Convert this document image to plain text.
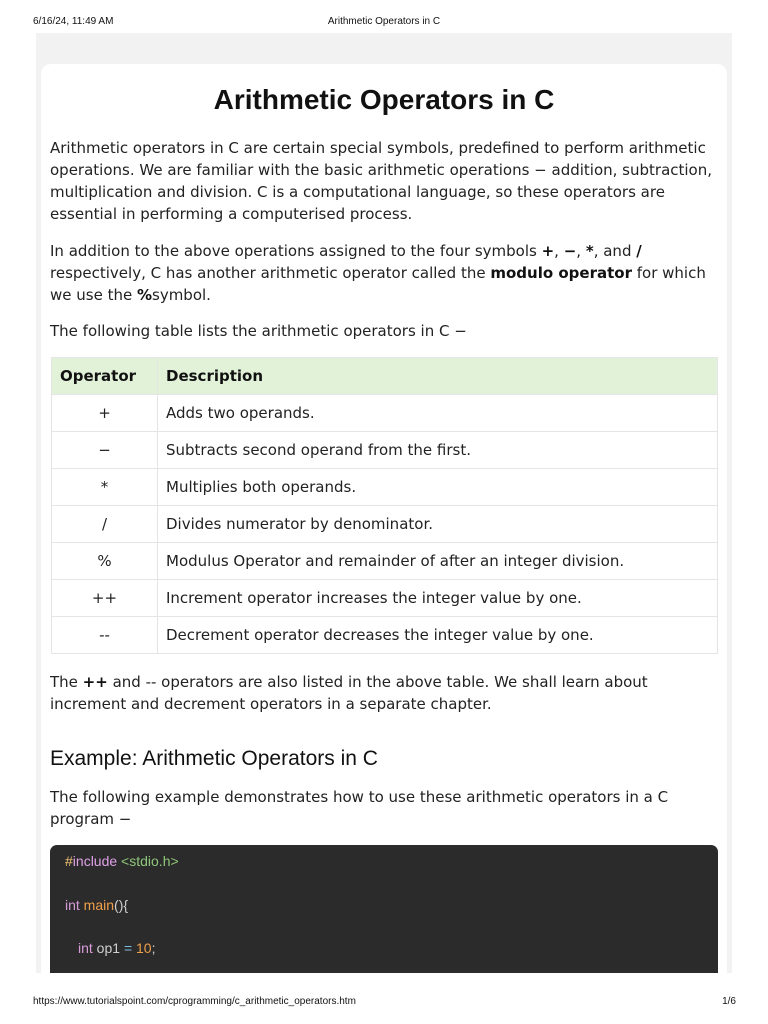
6/16/24, 11:49 AM	Arithmetic Operators in C
Arithmetic Operators in C

Arithmetic operators in C are certain special symbols, predefined to perform arithmetic operations. We are familiar with the basic arithmetic operations − addition, subtraction, multiplication and division. C is a computational language, so these operators are essential in performing a computerised process.

In addition to the above operations assigned to the four symbols +, −, *, and / respectively, C has another arithmetic operator called the modulo operator for which we use the %symbol.

The following table lists the arithmetic operators in C −

Operator	Description
+	Adds two operands.
−	Subtracts second operand from the first.
*	Multiplies both operands.
/	Divides numerator by denominator.
%	Modulus Operator and remainder of after an integer division.
++	Increment operator increases the integer value by one.
--	Decrement operator decreases the integer value by one.

The ++ and -- operators are also listed in the above table. We shall learn about increment and decrement operators in a separate chapter.

Example: Arithmetic Operators in C

The following example demonstrates how to use these arithmetic operators in a C program −

#include <stdio.h>
int main(){
int op1 = 10;
https://www.tutorialspoint.com/cprogramming/c_arithmetic_operators.htm	1/6
